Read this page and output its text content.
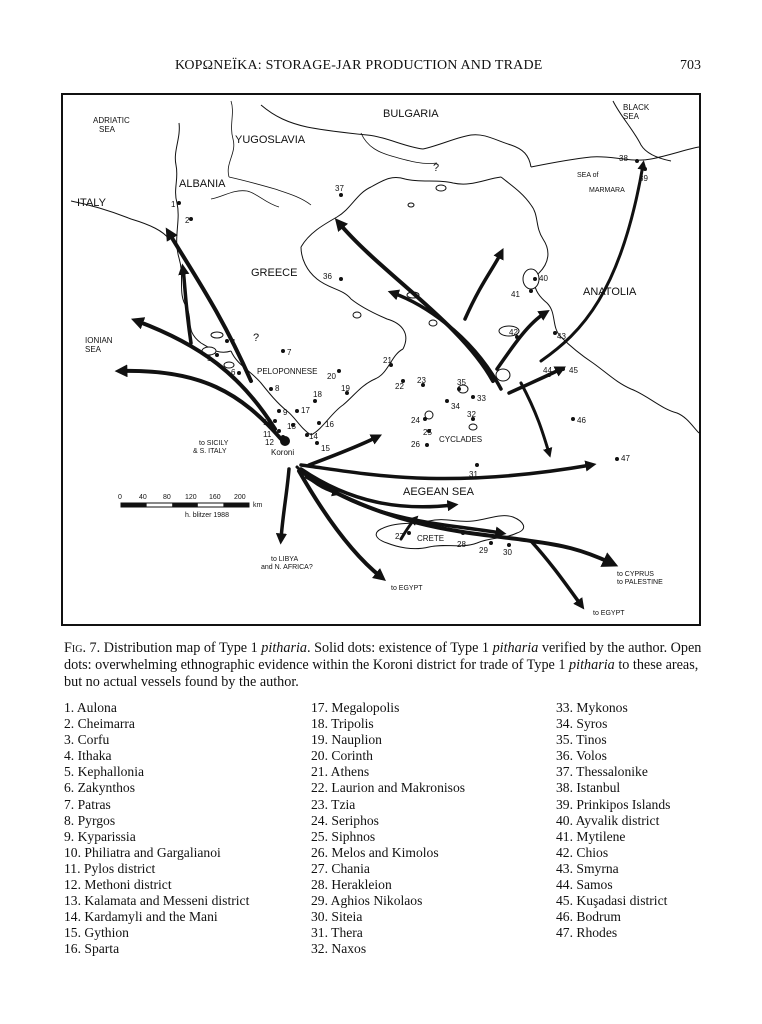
ΚΟΡΩΝΕΪΚΑ: STORAGE-JAR PRODUCTION AND TRADE	703
ADRIATIC
SEA
BULGARIA
BLACK
SEA
YUGOSLAVIA
ALBANIA
ITALY
GREECE
ANATOLIA
IONIAN
SEA
PELOPONNESE
CYCLADES
AEGEAN SEA
CRETE
SEA of
MARMARA
Koroni
to SICILY
& S. ITALY
to LIBYA
and N. AFRICA?
to EGYPT
to CYPRUS
to PALESTINE
to EGYPT
?
?
1
2
4
5
6
7
8
9
10
11
12
13
14
15
16
17
18
19
20
21
22
23
24
25
26
27
28
29 30
31
32
33
34
35
36
37
38
39
40
41
42	43
44 45
46
47
0 40 80 120 160 200
km
h. blitzer 1988

Fig. 7. Distribution map of Type 1 pitharia. Solid dots: existence of Type 1 pitharia verified by the author. Open dots: overwhelming ethnographic evidence within the Koroni district for trade of Type 1 pitharia to these areas, but no actual vessels found by the author.

1. Aulona
2. Cheimarra
3. Corfu
4. Ithaka
5. Kephallonia
6. Zakynthos
7. Patras
8. Pyrgos
9. Kyparissia
10. Philiatra and Gargalianoi
11. Pylos district
12. Methoni district
13. Kalamata and Messeni district
14. Kardamyli and the Mani
15. Gythion
16. Sparta
17. Megalopolis
18. Tripolis
19. Nauplion
20. Corinth
21. Athens
22. Laurion and Makronisos
23. Tzia
24. Seriphos
25. Siphnos
26. Melos and Kimolos
27. Chania
28. Herakleion
29. Aghios Nikolaos
30. Siteia
31. Thera
32. Naxos
33. Mykonos
34. Syros
35. Tinos
36. Volos
37. Thessalonike
38. Istanbul
39. Prinkipos Islands
40. Ayvalik district
41. Mytilene
42. Chios
43. Smyrna
44. Samos
45. Kuşadasi district
46. Bodrum
47. Rhodes
